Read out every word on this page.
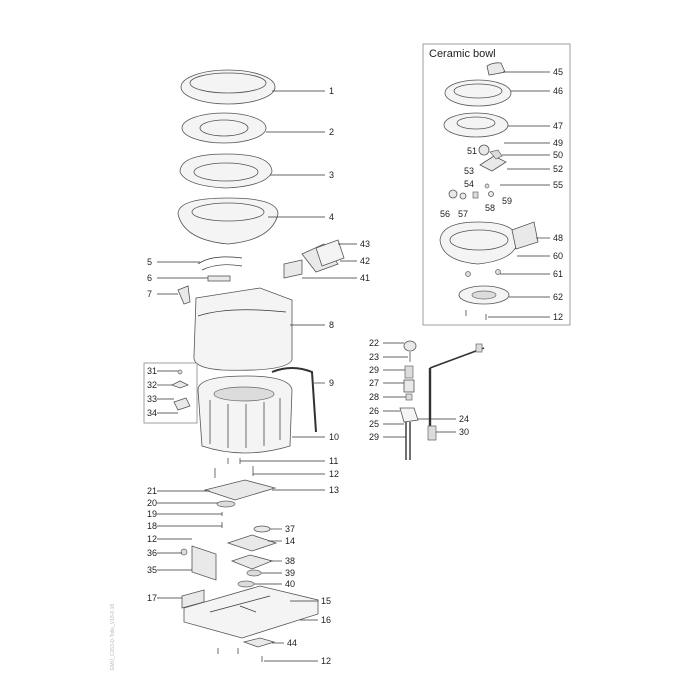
Ceramic bowl
45
46
47
49
51	50
52
53
54	55
59
56 57
58
48
60
61
62
12
1
2
3
4
8
9
10
11
12
13
37
14
38
39
40
15
16
44
12
5
6
7
31
32
33
34
21
20
19
18
12
36
35
17
43
42
41
22
23
29
27
28
26
25
29
24
30
EMU_C263-D-Tolle_V18-0.18
